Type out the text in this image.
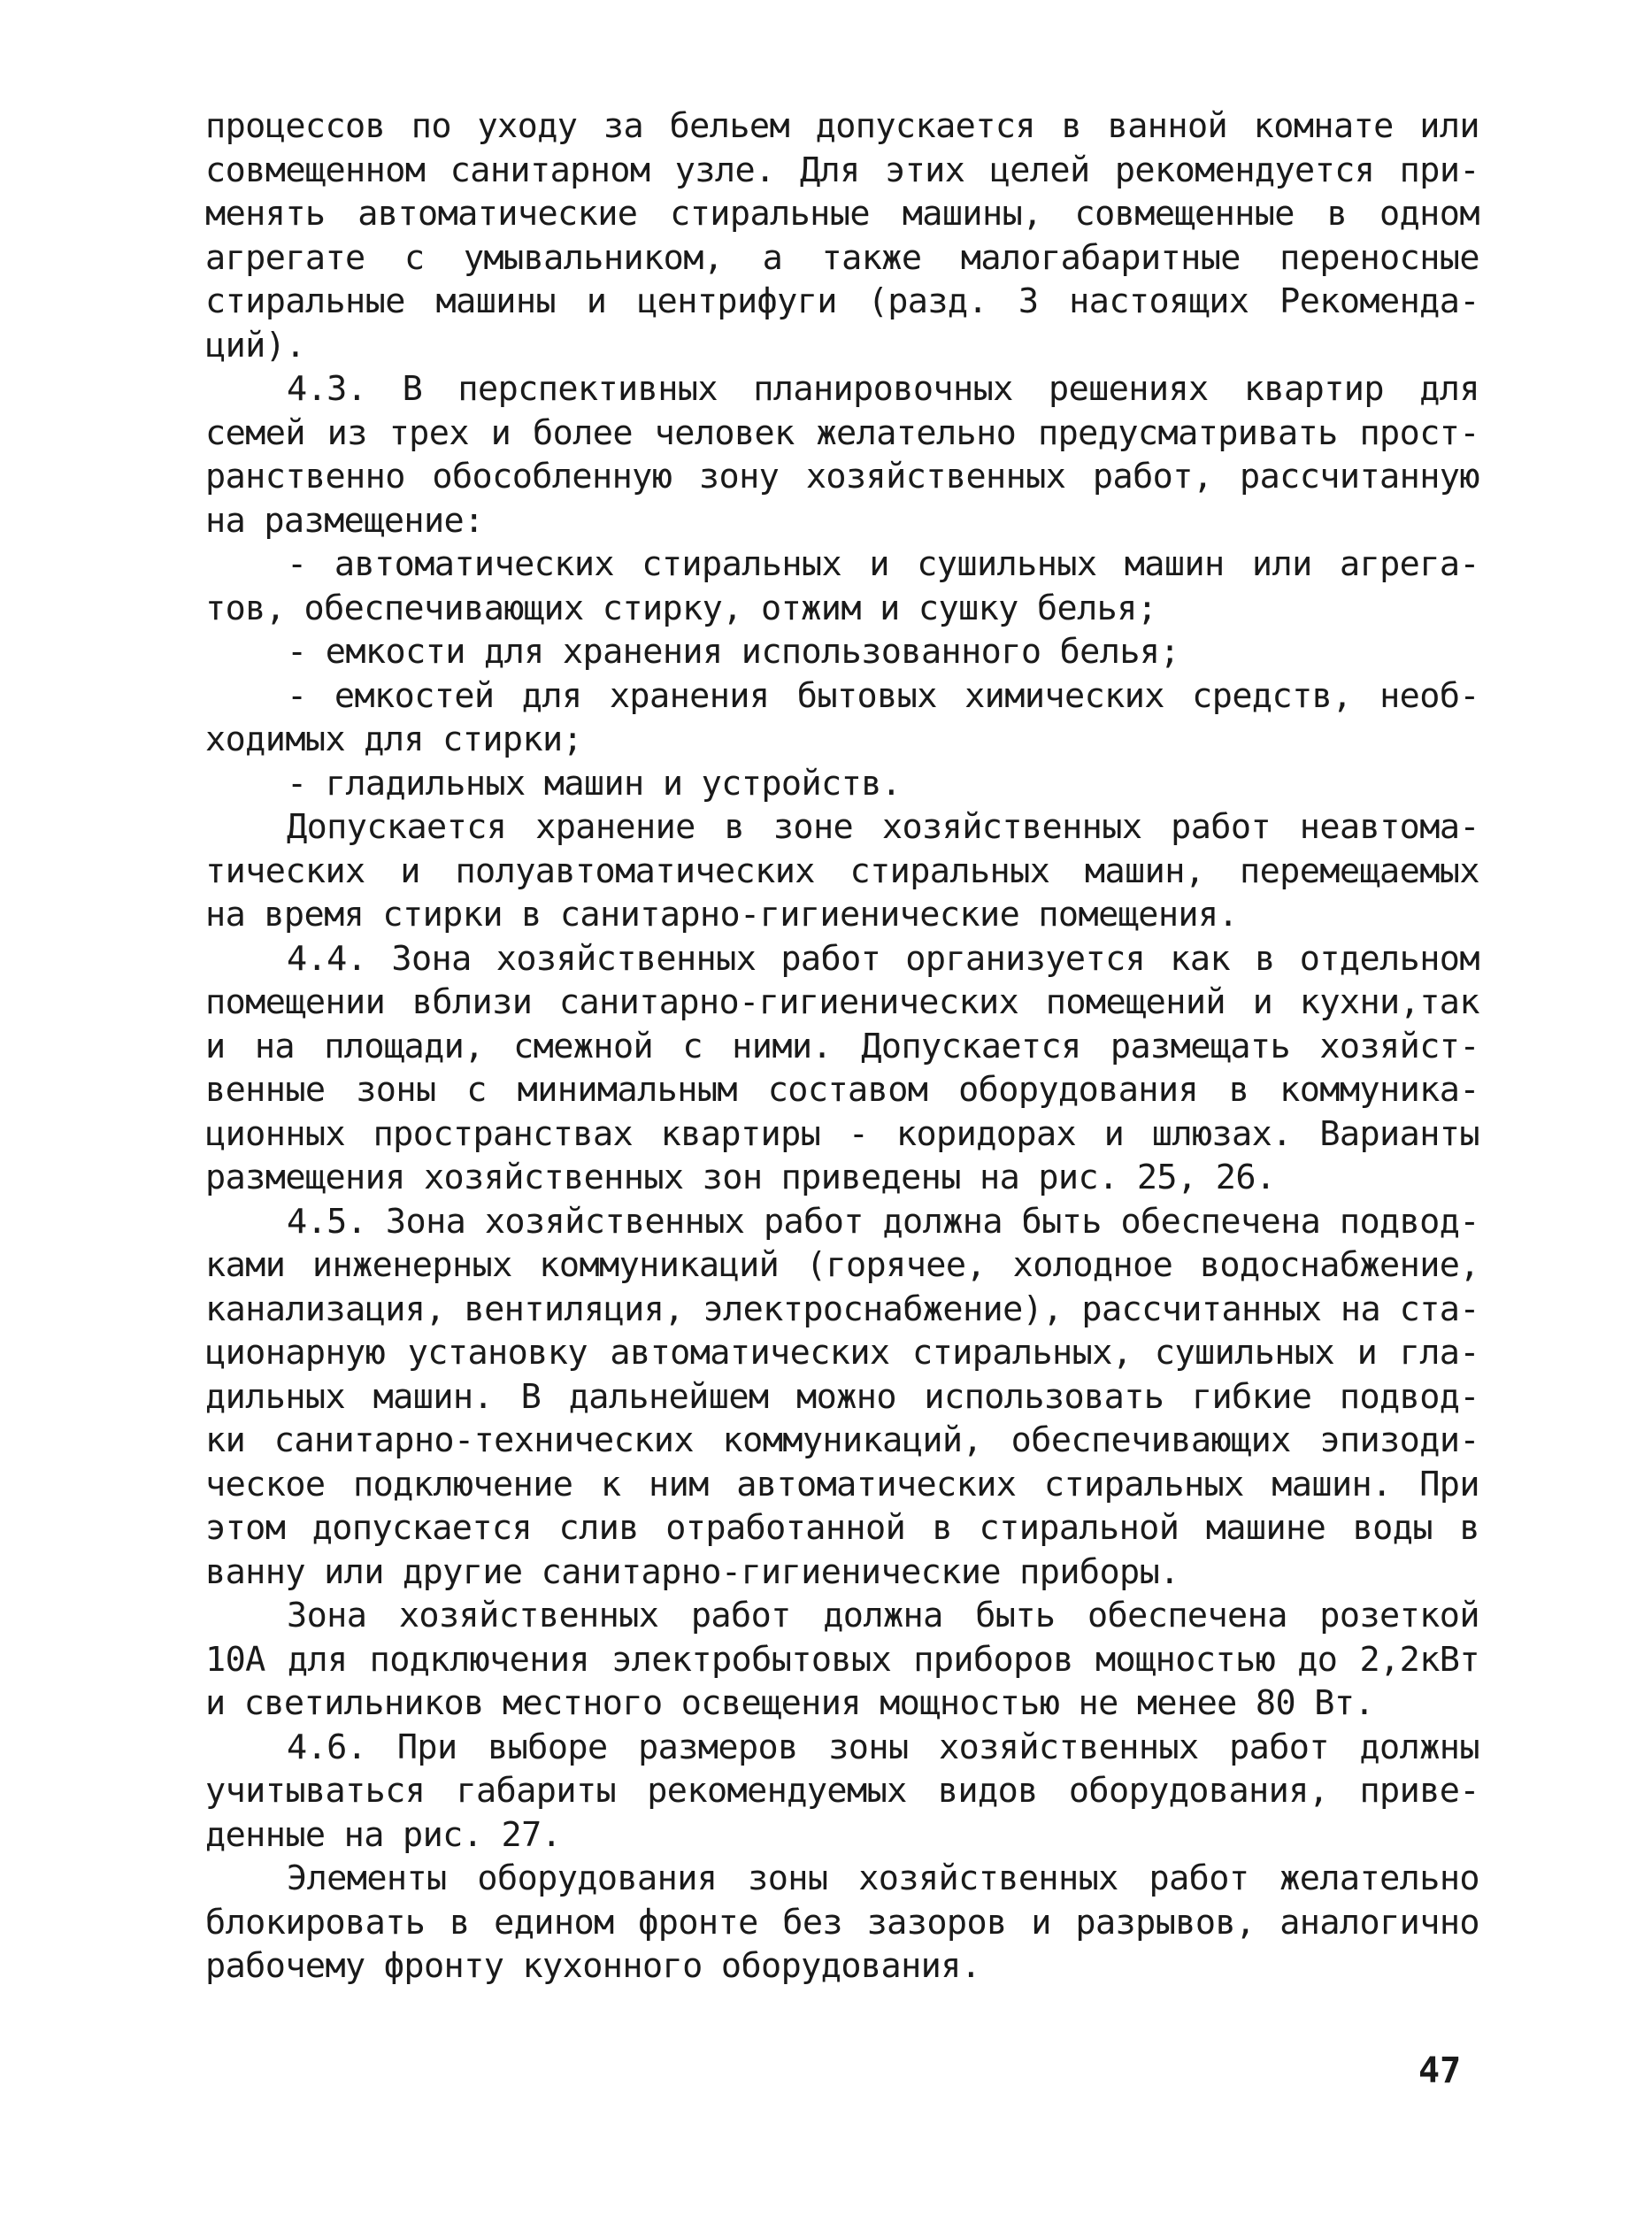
процессов по уходу за бельем допускается в ванной комнате или
совмещенном санитарном узле. Для этих целей рекомендуется при-
менять автоматические стиральные машины, совмещенные в одном
агрегате с умывальником, а также малогабаритные переносные
стиральные машины и центрифуги (разд. 3 настоящих Рекоменда-
ций).
4.3. В перспективных планировочных решениях квартир для
семей из трех и более человек желательно предусматривать прост-
ранственно обособленную зону хозяйственных работ, рассчитанную
на размещение:
- автоматических стиральных и сушильных машин или агрега-
тов, обеспечивающих стирку, отжим и сушку белья;
- емкости для хранения использованного белья;
- емкостей для хранения бытовых химических средств, необ-
ходимых для стирки;
- гладильных машин и устройств.
Допускается хранение в зоне хозяйственных работ неавтома-
тических и полуавтоматических стиральных машин, перемещаемых
на время стирки в санитарно-гигиенические помещения.
4.4. Зона хозяйственных работ организуется как в отдельном
помещении вблизи санитарно-гигиенических помещений и кухни,так
и на площади, смежной с ними. Допускается размещать хозяйст-
венные зоны с минимальным составом оборудования в коммуника-
ционных пространствах квартиры - коридорах и шлюзах. Варианты
размещения хозяйственных зон приведены на рис. 25, 26.
4.5. Зона хозяйственных работ должна быть обеспечена подвод-
ками инженерных коммуникаций (горячее, холодное водоснабжение,
канализация, вентиляция, электроснабжение), рассчитанных на ста-
ционарную установку автоматических стиральных, сушильных и гла-
дильных машин. В дальнейшем можно использовать гибкие подвод-
ки санитарно-технических коммуникаций, обеспечивающих эпизоди-
ческое подключение к ним автоматических стиральных машин. При
этом допускается слив отработанной в стиральной машине воды в
ванну или другие санитарно-гигиенические приборы.
Зона хозяйственных работ должна быть обеспечена розеткой
10А для подключения электробытовых приборов мощностью до 2,2кВт
и светильников местного освещения мощностью не менее 80 Вт.
4.6. При выборе размеров зоны хозяйственных работ должны
учитываться габариты рекомендуемых видов оборудования, приве-
денные на рис. 27.
Элементы оборудования зоны хозяйственных работ желательно
блокировать в едином фронте без зазоров и разрывов, аналогично
рабочему фронту кухонного оборудования.
47
